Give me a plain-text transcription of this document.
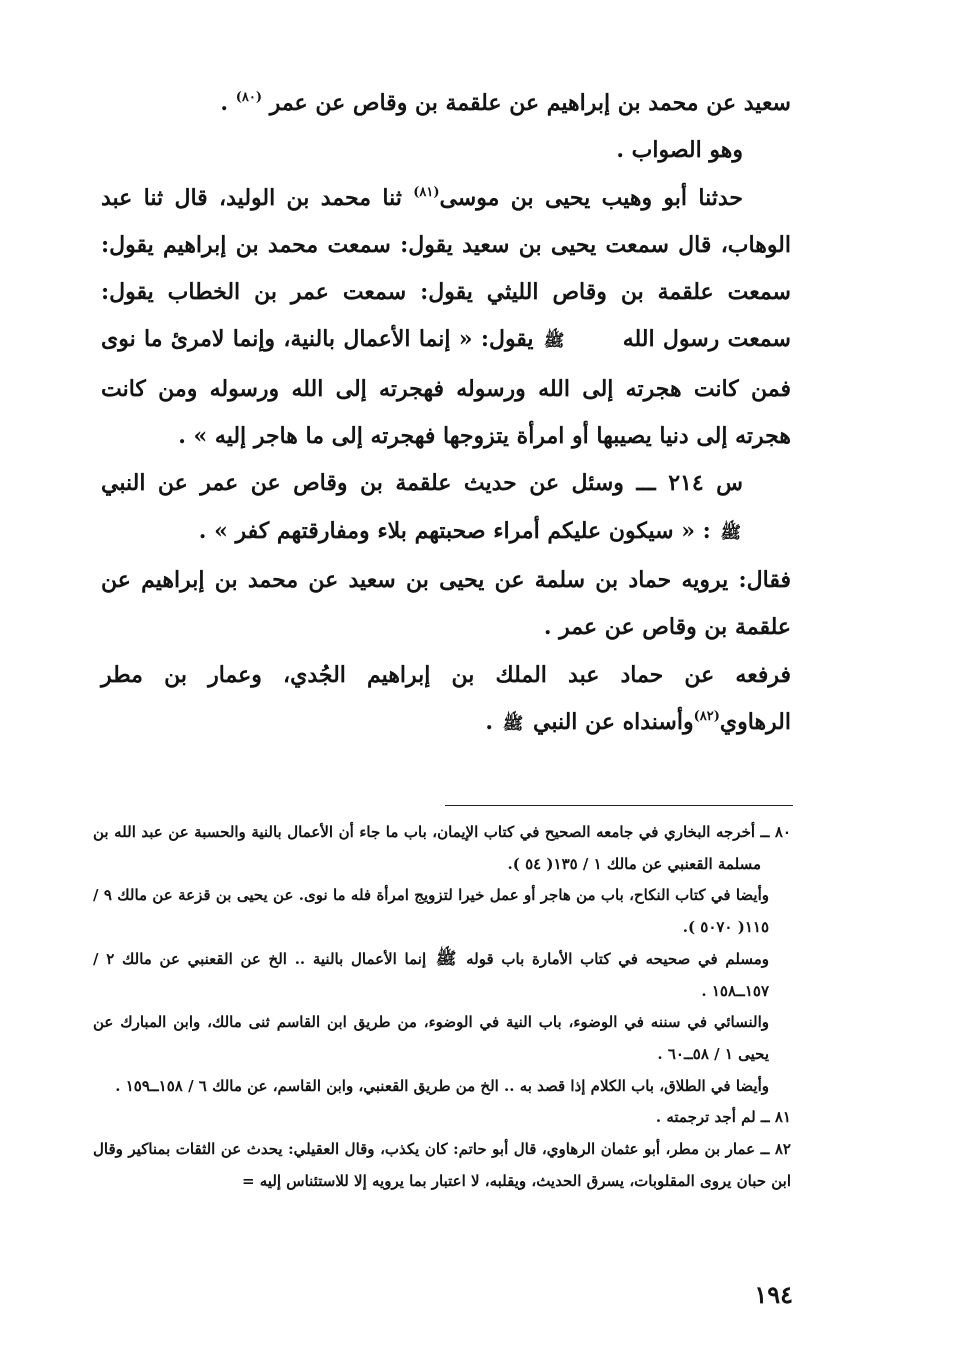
سعيد عن محمد بن إبراهيم عن علقمة بن وقاص عن عمر $^{(٨٠)}$ .

وهو الصواب .

حدثنا أبو وهيب يحيى بن موسى$^{(٨١)}$ ثنا محمد بن الوليد، قال ثنا عبد الوهاب، قال سمعت يحيى بن سعيد يقول: سمعت محمد بن إبراهيم يقول: سمعت علقمة بن وقاص الليثي يقول: سمعت عمر بن الخطاب يقول: سمعت رسول الله ﷺ يقول: « إنما الأعمال بالنية، وإنما لامرئ ما نوى فمن كانت هجرته إلى الله ورسوله فهجرته إلى الله ورسوله ومن كانت هجرته إلى دنيا يصيبها أو امرأة يتزوجها فهجرته إلى ما هاجر إليه » .

س ٢١٤ ـــ وسئل عن حديث علقمة بن وقاص عن عمر عن النبي ﷺ : « سيكون عليكم أمراء صحبتهم بلاء ومفارقتهم كفر » .

فقال: يرويه حماد بن سلمة عن يحيى بن سعيد عن محمد بن إبراهيم عن علقمة بن وقاص عن عمر .

فرفعه عن حماد عبد الملك بن إبراهيم الجُدي، وعمار بن مطر الرهاوي$^{(٨٢)}$وأسنداه عن النبي ﷺ .

٨٠ ــ أخرجه البخاري في جامعه الصحيح في كتاب الإيمان، باب ما جاء أن الأعمال بالنية والحسبة عن عبد الله بن مسلمة القعنبي عن مالك ١ / ١٣٥( ٥٤ ).

وأيضا في كتاب النكاح، باب من هاجر أو عمل خيرا لتزويج امرأة فله ما نوى. عن يحيى بن قزعة عن مالك ٩ / ١١٥( ٥٠٧٠ ).

ومسلم في صحيحه في كتاب الأمارة باب قوله ﷺ إنما الأعمال بالنية .. الخ عن القعنبي عن مالك ٢ / ١٥٧ــ١٥٨ .

والنسائي في سننه في الوضوء، باب النية في الوضوء، من طريق ابن القاسم ثنى مالك، وابن المبارك عن يحيى ١ / ٥٨ــ٦٠ .

وأيضا في الطلاق، باب الكلام إذا قصد به .. الخ من طريق القعنبي، وابن القاسم، عن مالك ٦ / ١٥٨ــ١٥٩ .

٨١ ــ لم أجد ترجمته .

٨٢ ــ عمار بن مطر، أبو عثمان الرهاوي، قال أبو حاتم: كان يكذب، وقال العقيلي: يحدث عن الثقات بمناكير وقال ابن حبان يروى المقلوبات، يسرق الحديث، ويقلبه، لا اعتبار بما يرويه إلا للاستئناس إليه =

١٩٤
